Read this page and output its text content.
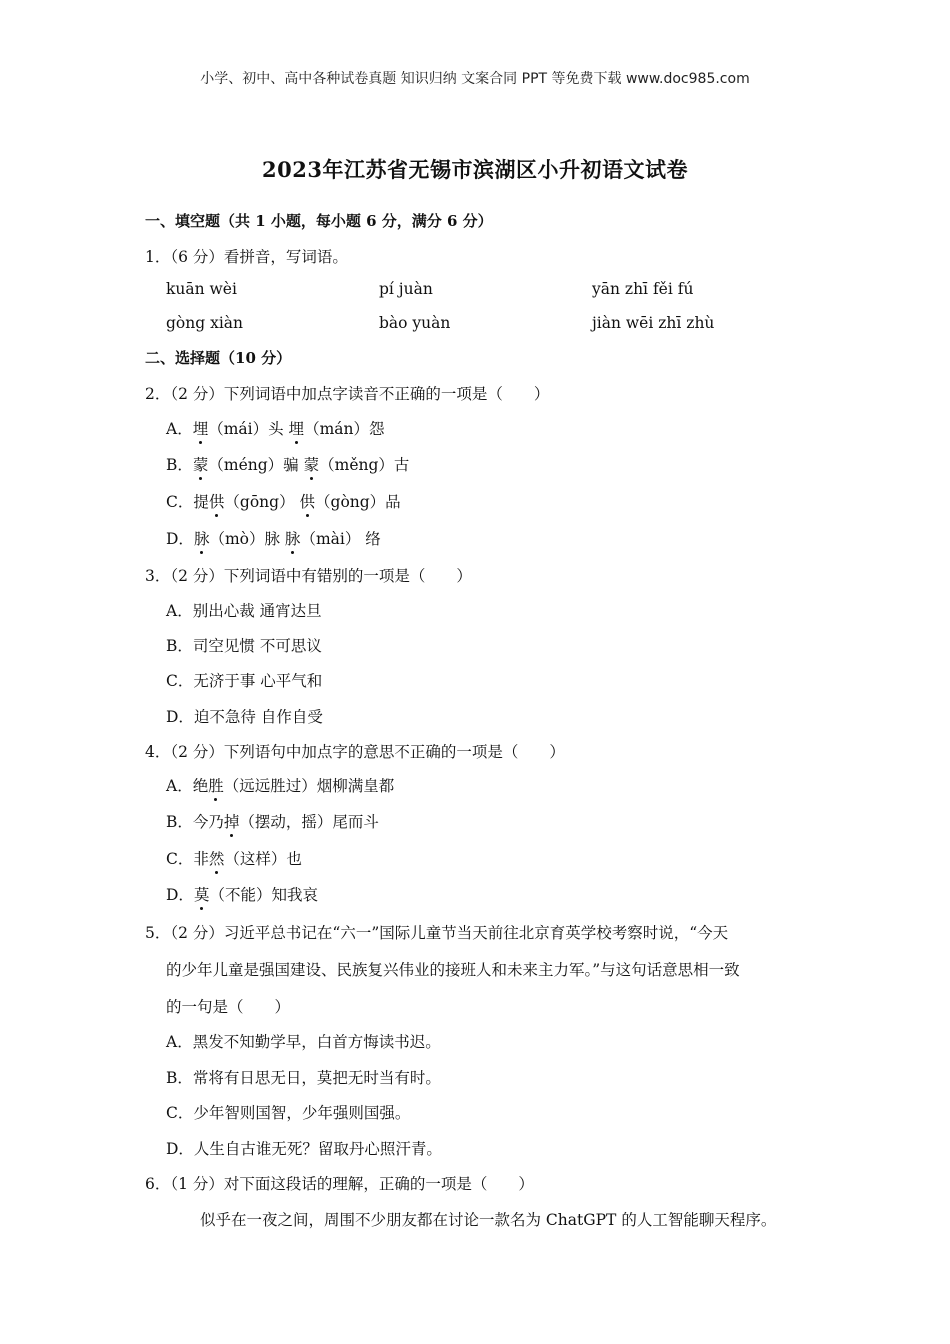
小学、初中、高中各种试卷真题 知识归纳 文案合同 PPT 等免费下载 www.doc985.com
2023年江苏省无锡市滨湖区小升初语文试卷
一、填空题（共 1 小题，每小题 6 分，满分 6 分）
1．（6 分）看拼音，写词语。
kuān wèi	pí juàn	yān zhī fěi fú
gòng xiàn	bào yuàn	jiàn wēi zhī zhù
二、选择题（10 分）
2．（2 分）下列词语中加点字读音不正确的一项是（　　）
A．埋（mái）头 埋（mán）怨
B．蒙（méng）骗 蒙（měng）古
C．提供（gōng） 供（gòng）品
D．脉（mò）脉 脉（mài） 络
3．（2 分）下列词语中有错别的一项是（　　）
A．别出心裁 通宵达旦
B．司空见惯 不可思议
C．无济于事 心平气和
D．迫不急待 自作自受
4．（2 分）下列语句中加点字的意思不正确的一项是（　　）
A．绝胜（远远胜过）烟柳满皇都
B．今乃掉（摆动，摇）尾而斗
C．非然（这样）也
D．莫（不能）知我哀
5．（2 分）习近平总书记在“六一”国际儿童节当天前往北京育英学校考察时说，“今天
的少年儿童是强国建设、民族复兴伟业的接班人和未来主力军。”与这句话意思相一致
的一句是（　　）
A．黑发不知勤学早，白首方悔读书迟。
B．常将有日思无日，莫把无时当有时。
C．少年智则国智，少年强则国强。
D．人生自古谁无死？留取丹心照汗青。
6．（1 分）对下面这段话的理解，正确的一项是（　　）
似乎在一夜之间，周围不少朋友都在讨论一款名为 ChatGPT 的人工智能聊天程序。
